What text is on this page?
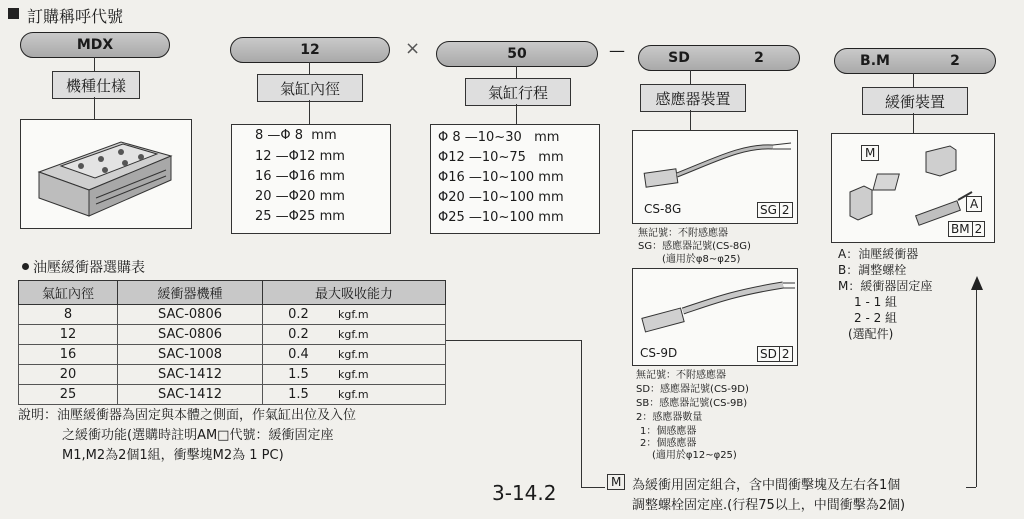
訂購稱呼代號
MDX	12	×	50	—	SD	2	B.M	2
機種仕樣	氣缸內徑	氣缸行程	感應器裝置	緩衝裝置
8 —Φ 8  mm
12 —Φ12 mm
16 —Φ16 mm
20 —Φ20 mm
25 —Φ25 mm
Φ 8 —10~30   mm
Φ12 —10~75   mm
Φ16 —10~100 mm
Φ20 —10~100 mm
Φ25 —10~100 mm
CS-8G	SG 2
無記號：不附感應器
SG：感應器記號(CS-8G)
(適用於φ8~φ25)
CS-9D	SD 2
無記號：不附感應器
SD：感應器記號(CS-9D)
SB：感應器記號(CS-9B)
2：感應器數量
1：個感應器
2：個感應器
(適用於φ12~φ25)
M
A
BM 2
A：油壓緩衝器
B：調整螺栓
M：緩衝器固定座
1 - 1 組
2 - 2 組
(選配件)
油壓緩衝器選購表
氣缸內徑	緩衝器機種	最大吸收能力	
8	SAC-0806	0.2	kgf.m
12	SAC-0806	0.2	kgf.m
16	SAC-1008	0.4	kgf.m
20	SAC-1412	1.5	kgf.m
25	SAC-1412	1.5	kgf.m
說明：油壓緩衝器為固定與本體之側面，作氣缸出位及入位
之緩衝功能(選購時註明AM□代號：緩衝固定座
M1,M2為2個1組，衝擊塊M2為 1 PC)
3-14.2	M 為緩衝用固定組合，含中間衝擊塊及左右各1個
調整螺栓固定座.(行程75以上，中間衝擊為2個)
